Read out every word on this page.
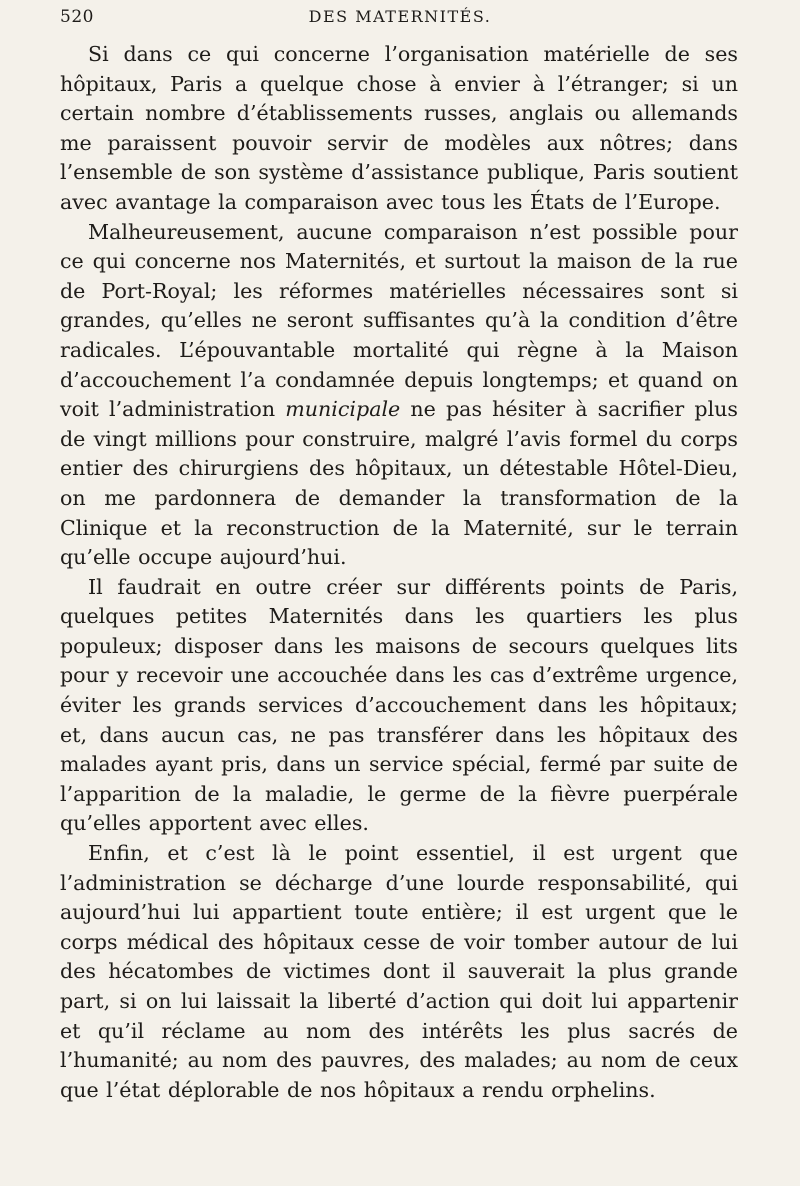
520	DES MATERNITÉS.

Si dans ce qui concerne l’organisation matérielle de ses hôpitaux, Paris a quelque chose à envier à l’étranger; si un certain nombre d’établissements russes, anglais ou allemands me paraissent pouvoir servir de modèles aux nôtres; dans l’ensemble de son système d’assistance publique, Paris soutient avec avantage la comparaison avec tous les États de l’Europe.

Malheureusement, aucune comparaison n’est possible pour ce qui concerne nos Maternités, et surtout la maison de la rue de Port-Royal; les réformes matérielles nécessaires sont si grandes, qu’elles ne seront suffisantes qu’à la condition d’être radicales. L’épouvantable mortalité qui règne à la Maison d’accouchement l’a condamnée depuis longtemps; et quand on voit l’administration municipale ne pas hésiter à sacrifier plus de vingt millions pour construire, malgré l’avis formel du corps entier des chirurgiens des hôpitaux, un détestable Hôtel-Dieu, on me pardonnera de demander la transformation de la Clinique et la reconstruction de la Maternité, sur le terrain qu’elle occupe aujourd’hui.

Il faudrait en outre créer sur différents points de Paris, quelques petites Maternités dans les quartiers les plus populeux; disposer dans les maisons de secours quelques lits pour y recevoir une accouchée dans les cas d’extrême urgence, éviter les grands services d’accouchement dans les hôpitaux; et, dans aucun cas, ne pas transférer dans les hôpitaux des malades ayant pris, dans un service spécial, fermé par suite de l’apparition de la maladie, le germe de la fièvre puerpérale qu’elles apportent avec elles.

Enfin, et c’est là le point essentiel, il est urgent que l’administration se décharge d’une lourde responsabilité, qui aujourd’hui lui appartient toute entière; il est urgent que le corps médical des hôpitaux cesse de voir tomber autour de lui des hécatombes de victimes dont il sauverait la plus grande part, si on lui laissait la liberté d’action qui doit lui appartenir et qu’il réclame au nom des intérêts les plus sacrés de l’humanité; au nom des pauvres, des malades; au nom de ceux que l’état déplorable de nos hôpitaux a rendu orphelins.
